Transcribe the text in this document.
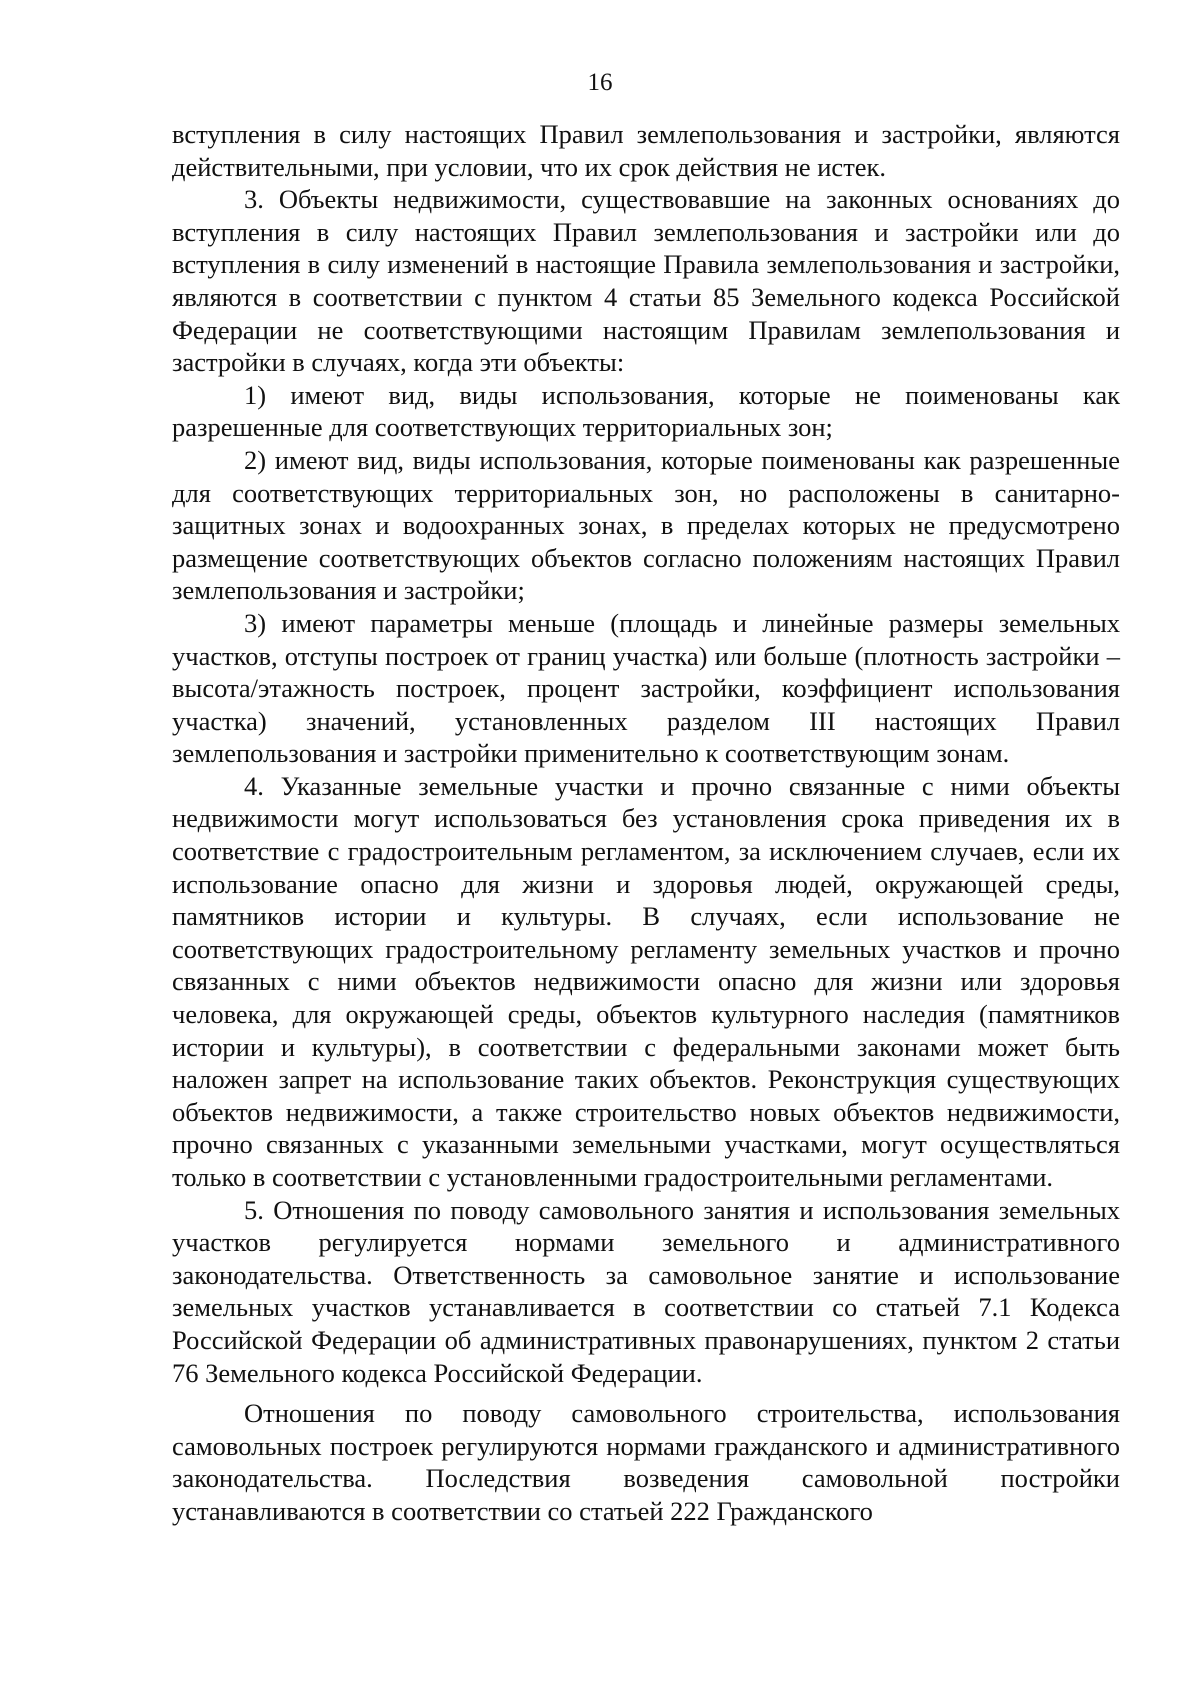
16

вступления в силу настоящих Правил землепользования и застройки, являются действительными, при условии, что их срок действия не истек.

3. Объекты недвижимости, существовавшие на законных основаниях до вступления в силу настоящих Правил землепользования и застройки или до вступления в силу изменений в настоящие Правила землепользования и застройки, являются в соответствии с пунктом 4 статьи 85 Земельного кодекса Российской Федерации не соответствующими настоящим Правилам землепользования и застройки в случаях, когда эти объекты:

1) имеют вид, виды использования, которые не поименованы как разрешенные для соответствующих территориальных зон;

2) имеют вид, виды использования, которые поименованы как разрешенные для соответствующих территориальных зон, но расположены в санитарно-защитных зонах и водоохранных зонах, в пределах которых не предусмотрено размещение соответствующих объектов согласно положениям настоящих Правил землепользования и застройки;

3) имеют параметры меньше (площадь и линейные размеры земельных участков, отступы построек от границ участка) или больше (плотность застройки – высота/этажность построек, процент застройки, коэффициент использования участка) значений, установленных разделом III настоящих Правил землепользования и застройки применительно к соответствующим зонам.

4. Указанные земельные участки и прочно связанные с ними объекты недвижимости могут использоваться без установления срока приведения их в соответствие с градостроительным регламентом, за исключением случаев, если их использование опасно для жизни и здоровья людей, окружающей среды, памятников истории и культуры. В случаях, если использование не соответствующих градостроительному регламенту земельных участков и прочно связанных с ними объектов недвижимости опасно для жизни или здоровья человека, для окружающей среды, объектов культурного наследия (памятников истории и культуры), в соответствии с федеральными законами может быть наложен запрет на использование таких объектов. Реконструкция существующих объектов недвижимости, а также строительство новых объектов недвижимости, прочно связанных с указанными земельными участками, могут осуществляться только в соответствии с установленными градостроительными регламентами.

5. Отношения по поводу самовольного занятия и использования земельных участков регулируется нормами земельного и административного законодательства. Ответственность за самовольное занятие и использование земельных участков устанавливается в соответствии со статьей 7.1 Кодекса Российской Федерации об административных правонарушениях, пунктом 2 статьи 76 Земельного кодекса Российской Федерации.

Отношения по поводу самовольного строительства, использования самовольных построек регулируются нормами гражданского и административного законодательства. Последствия возведения самовольной постройки устанавливаются в соответствии со статьей 222 Гражданского
